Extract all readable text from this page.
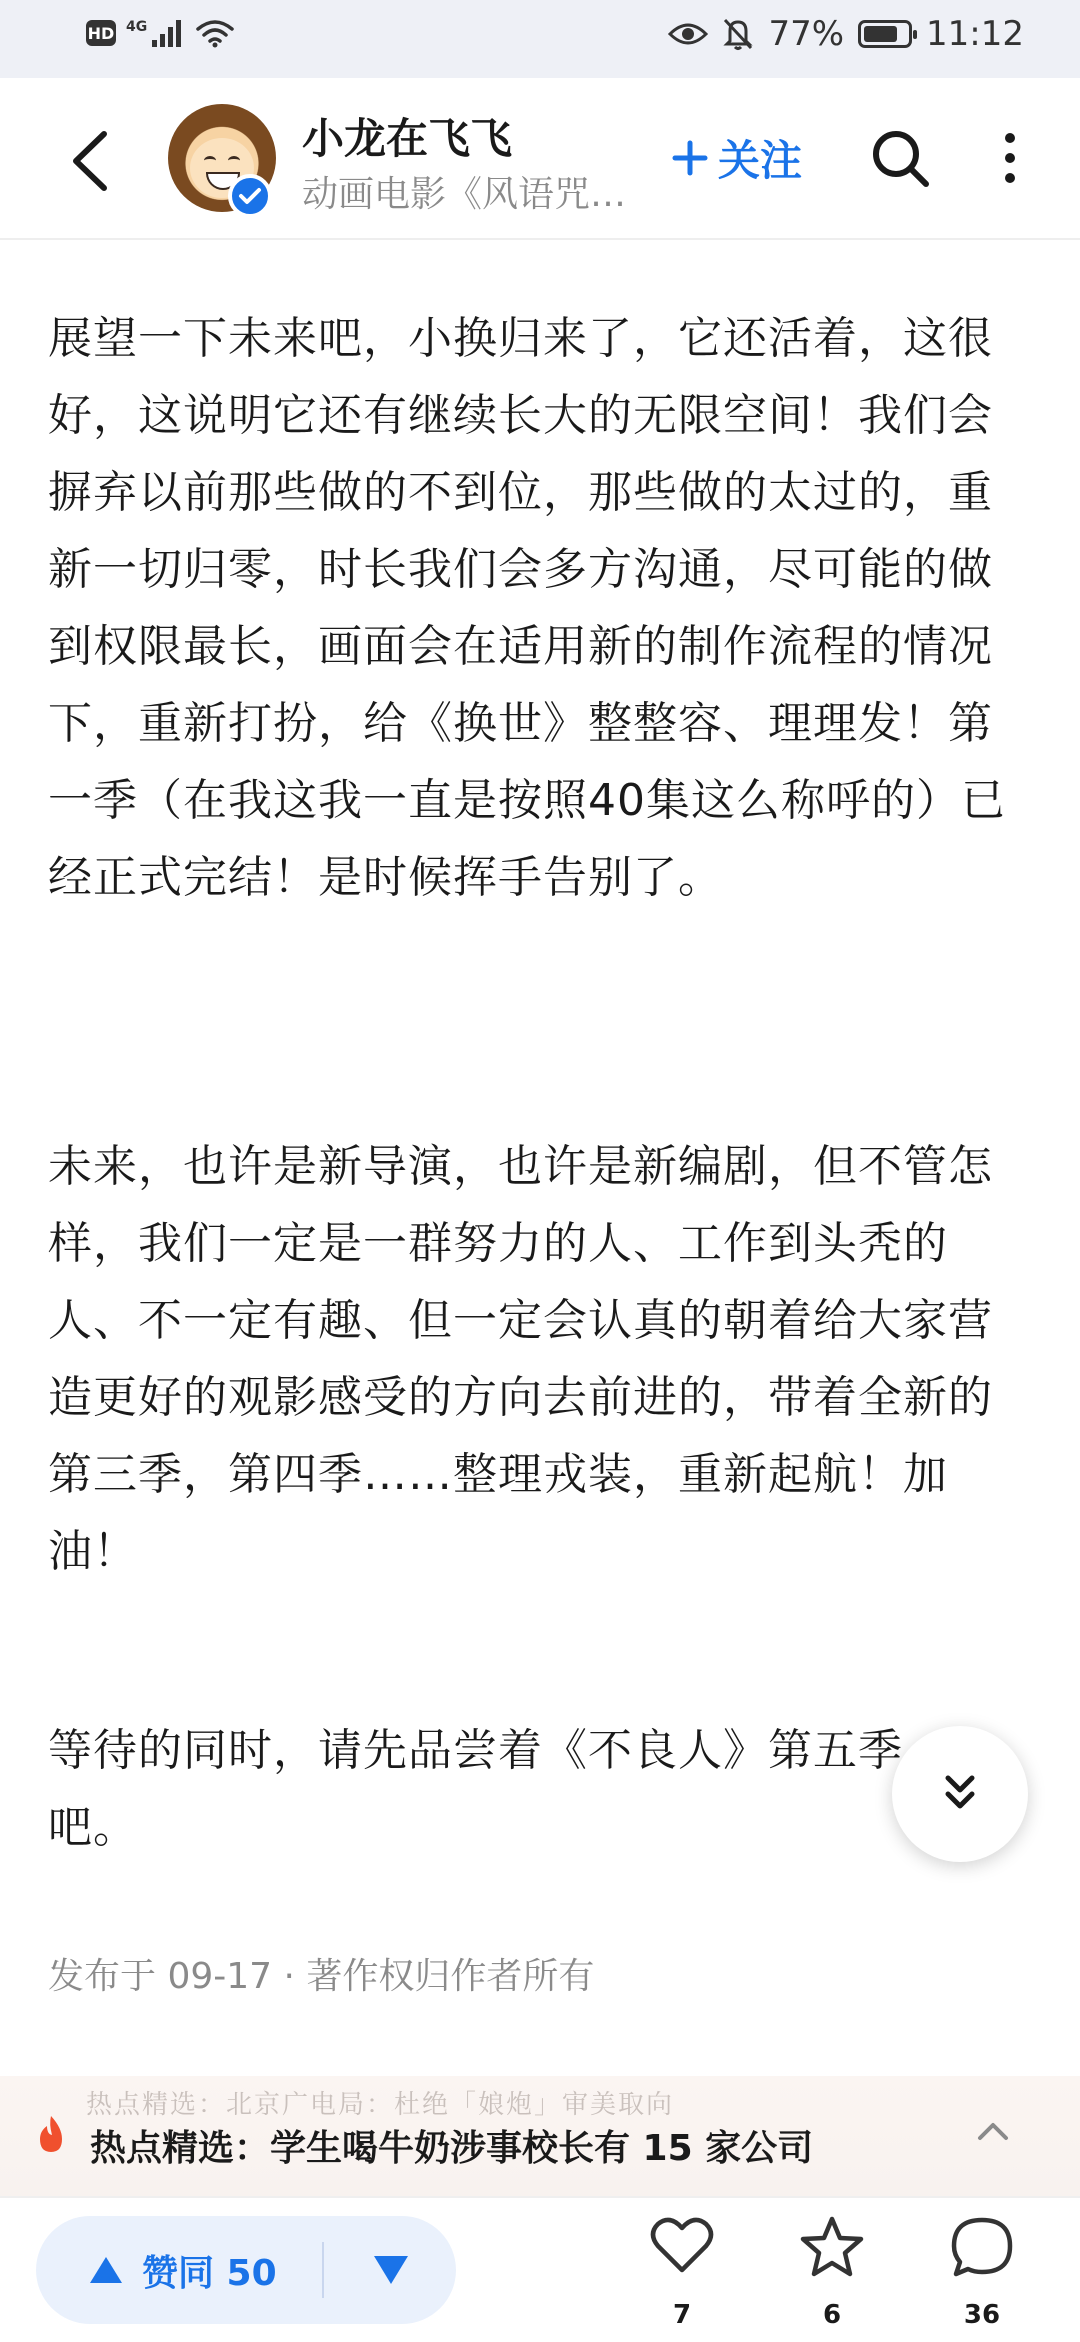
HD 4G	77% 11:12
小龙在飞飞
动画电影《风语咒…
关注

展望一下未来吧，小换归来了，它还活着，这很好，这说明它还有继续长大的无限空间！我们会摒弃以前那些做的不到位，那些做的太过的，重新一切归零，时长我们会多方沟通，尽可能的做到权限最长，画面会在适用新的制作流程的情况下，重新打扮，给《换世》整整容、理理发！第一季（在我这我一直是按照40集这么称呼的）已经正式完结！是时候挥手告别了。

未来，也许是新导演，也许是新编剧，但不管怎样，我们一定是一群努力的人、工作到头秃的人、不一定有趣、但一定会认真的朝着给大家营造更好的观影感受的方向去前进的，带着全新的第三季，第四季……整理戎装，重新起航！加油！

等待的同时，请先品尝着《不良人》第五季吧。

发布于 09-17 · 著作权归作者所有
热点精选：北京广电局：杜绝「娘炮」审美取向
热点精选：学生喝牛奶涉事校长有 15 家公司
赞同 50
7	6	36
